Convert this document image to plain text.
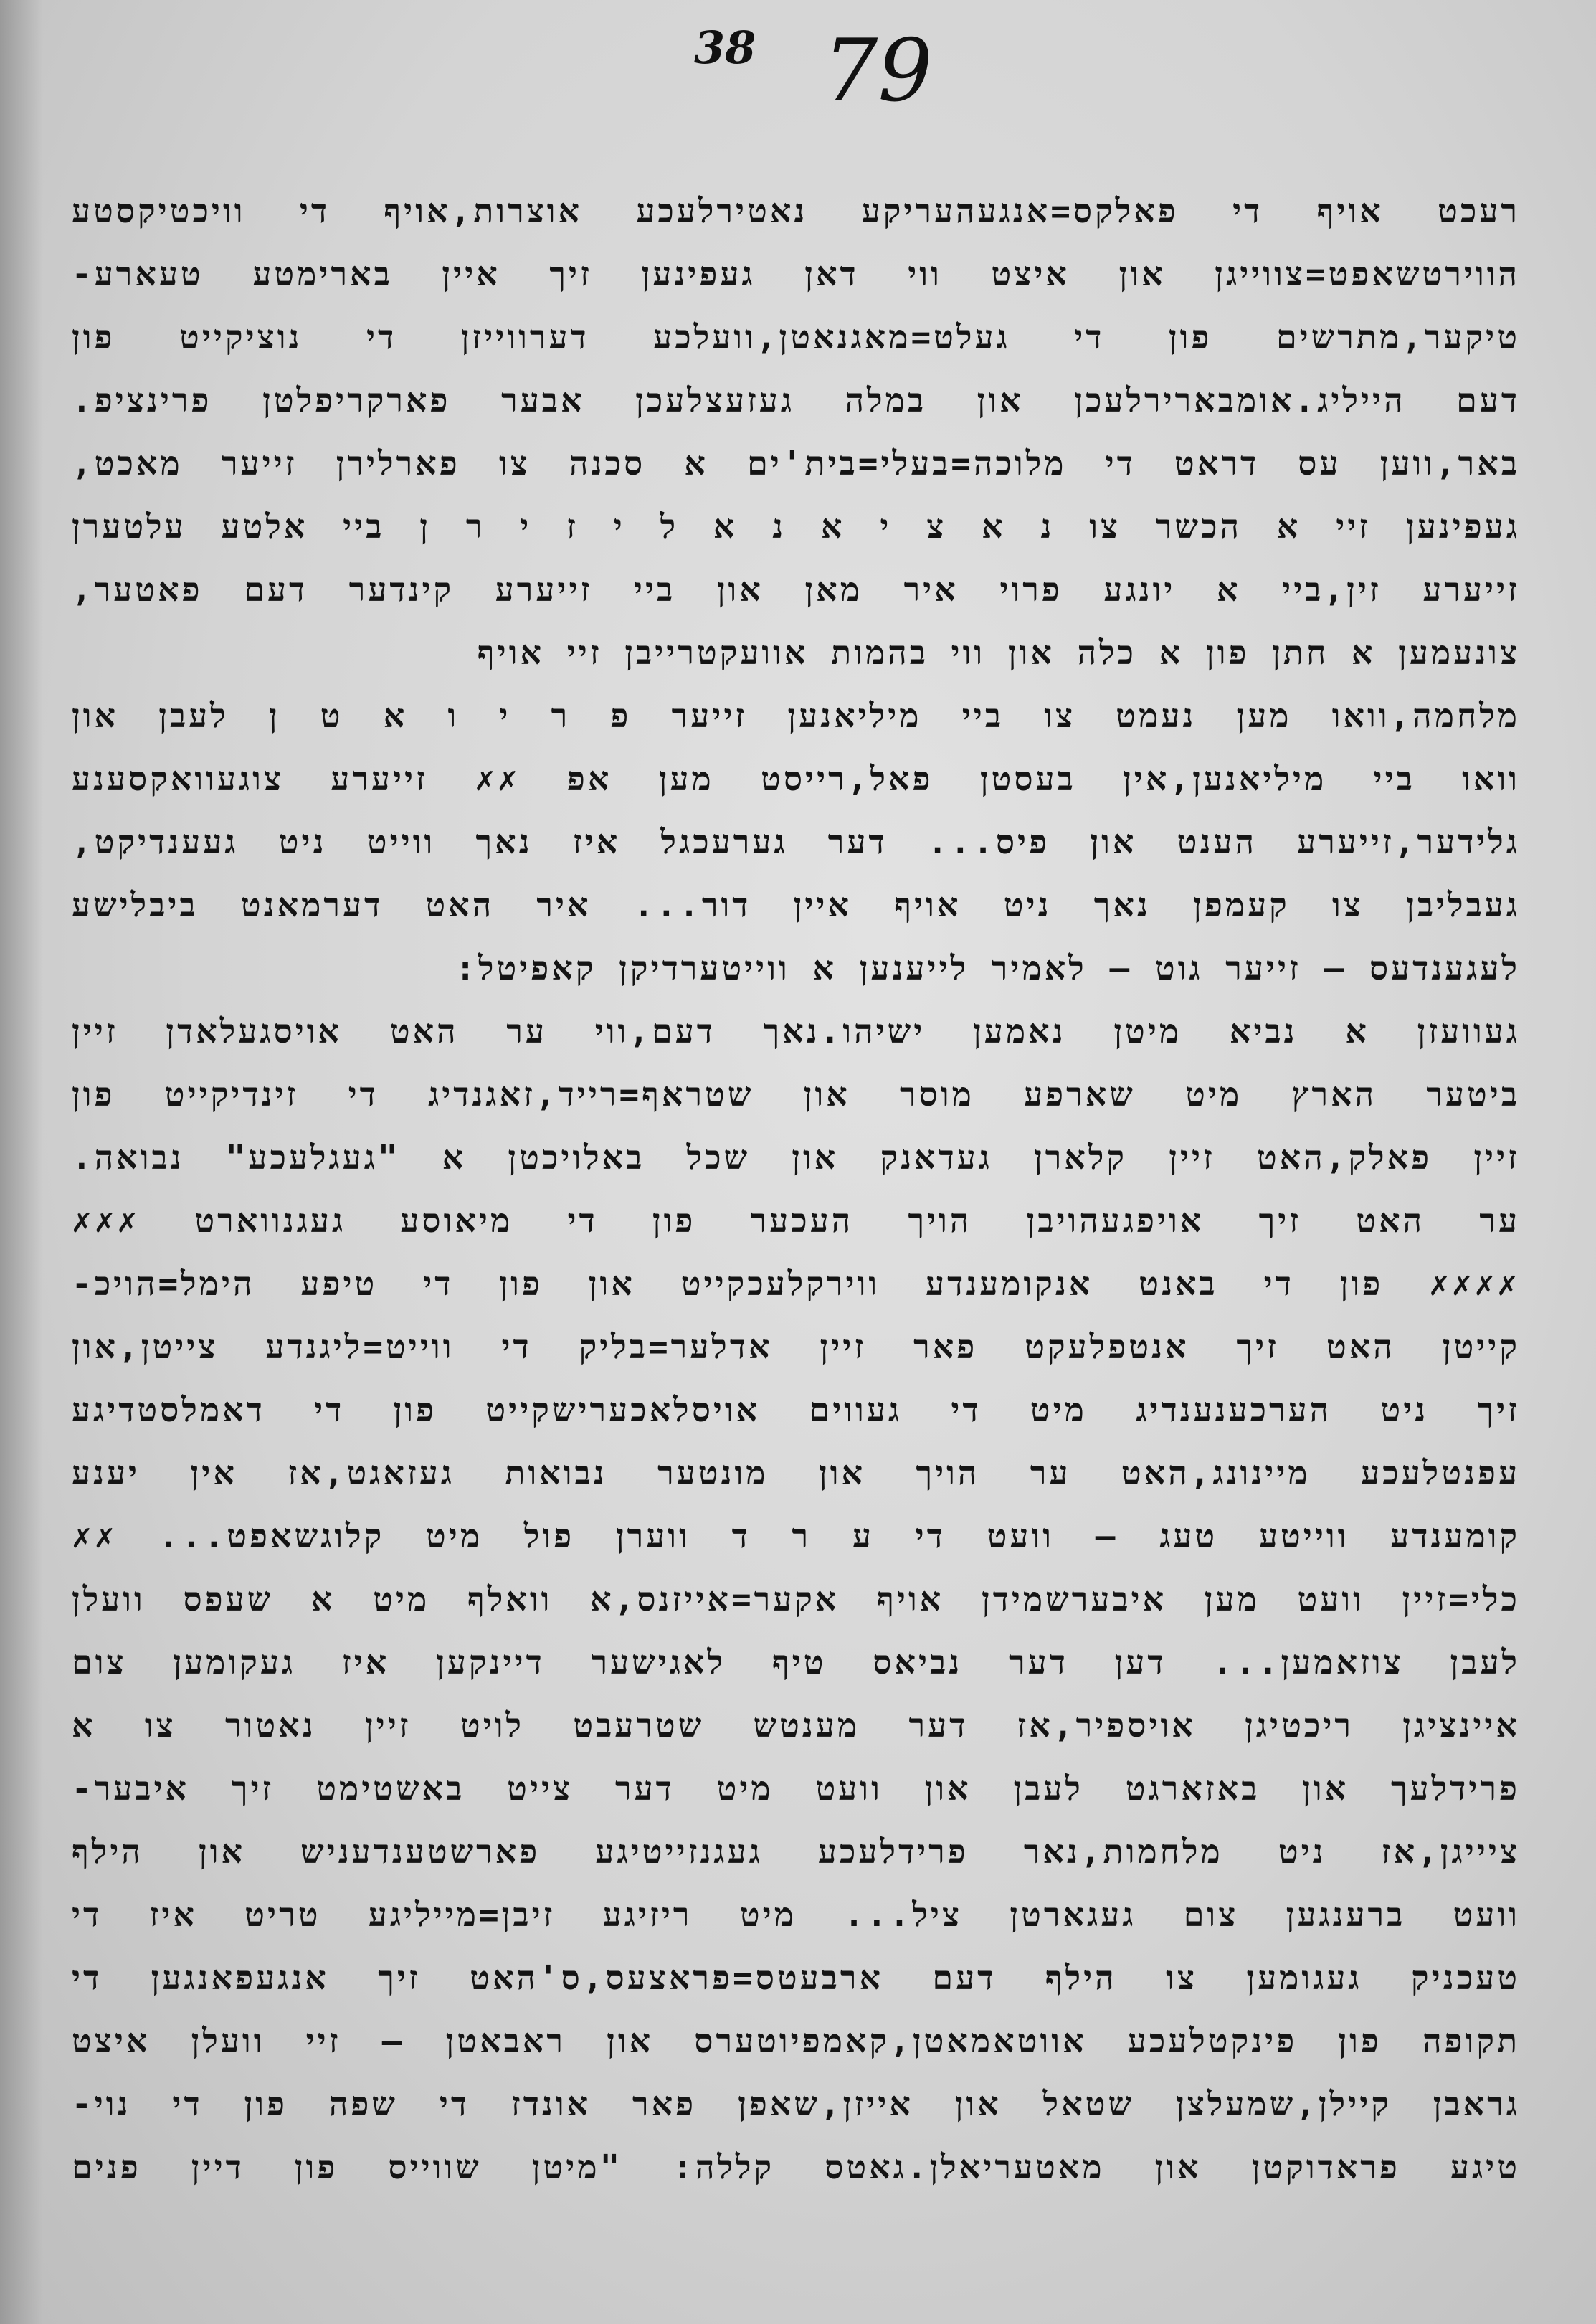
38 79
רעכט אויף די פאלקס=אנגעהעריקע נאטירלעכע אוצרות,אויף די וויכטיקסטע
הווירטשאפט=צווייגן און איצט ווי דאן געפינען זיך איין בארימטע טעארע-
טיקער,מתרשים פון די געלט=מאגנאטן,וועלכע דערווייזן די נוציקייט פון
דעם הייליג.אומבארירלעכן און במלה געזעצלעכן אבער פארקריפלטן פרינציפ.
באר,ווען עס דראט די מלוכה=בעלי=בית'ים א סכנה צו פארלירן זייער מאכט,
געפינען זיי א הכשר צו נ א צ י א נ א ל י ז י ר ן ביי אלטע עלטערן
זייערע זין,ביי א יונגע פרוי איר מאן און ביי זייערע קינדער דעם פאטער,
צונעמען א חתן פון א כלה און ווי בהמות אוועקטרייבן זיי אויף
מלחמה,וואו מען נעמט צו ביי מיליאנען זייער פ ר י ו א ט ן לעבן און
וואו ביי מיליאנען,אין בעסטן פאל,רייסט מען אפ ✗✗ זייערע צוגעוואקסענע
גלידער,זייערע הענט און פיס... דער גערעכגל איז נאך ווייט ניט געענדיקט,
געבליבן צו קעמפן נאך ניט אויף איין דור... איר האט דערמאנט ביבלישע
לעגענדעס — זייער גוט — לאמיר לייענען א ווייטערדיקן קאפיטל:
געוועזן א נביא מיטן נאמען ישיהו.נאך דעם,ווי ער האט אויסגעלאדן זיין
ביטער הארץ מיט שארפע מוסר און שטראף=רייד,זאגנדיג די זינדיקייט פון
זיין פאלק,האט זיין קלארן געדאנק און שכל באלויכטן א "געגלעכע" נבואה.
ער האט זיך אויפגעהויבן הויך העכער פון די מיאוסע געגנווארט ✗✗✗
✗✗✗✗ פון די באנט אנקומענדע ווירקלעכקייט און פון די טיפע הימל=הויכ-
קייטן האט זיך אנטפלעקט פאר זיין אדלער=בליק די ווייט=ליגנדע צייטן,און
זיך ניט הערכענענדיג מיט די געווים אויסלאכערישקייט פון די דאמלסטדיגע
עפנטלעכע מיינונג,האט ער הויך און מונטער נבואות געזאגט,אז אין יענע
קומענדע ווייטע טעג — וועט די ע ר ד ווערן פול מיט קלוגשאפט... ✗✗
כלי=זיין וועט מען איבערשמידן אויף אקער=אייזנס,א וואלף מיט א שעפס וועלן
לעבן צוזאמען... דען דער נביאס טיף לאגישער דיינקען איז געקומען צום
איינציגן ריכטיגן אויספיר,אז דער מענטש שטרעבט לויט זיין נאטור צו א
פרידלעך און באזארגט לעבן און וועט מיט דער צייט באשטימט זיך איבער-
ציייגן,אז ניט מלחמות,נאר פרידלעכע געגנזייטיגע פארשטענדעניש און הילף
וועט ברענגען צום געגארטן ציל... מיט ריזיגע זיבן=מייליגע טריט איז די
טעכניק געגומען צו הילף דעם ארבעטס=פראצעס,ס'האט זיך אנגעפאנגען די
תקופה פון פינקטלעכע אווטאמאטן,קאמפיוטערס און ראבאטן — זיי וועלן איצט
גראבן קיילן,שמעלצן שטאל און אייזן,שאפן פאר אונדז די שפה פון די נוי-
טיגע פראדוקטן און מאטעריאלן.גאטס קללה: "מיטן שווייס פון דיין פנים
